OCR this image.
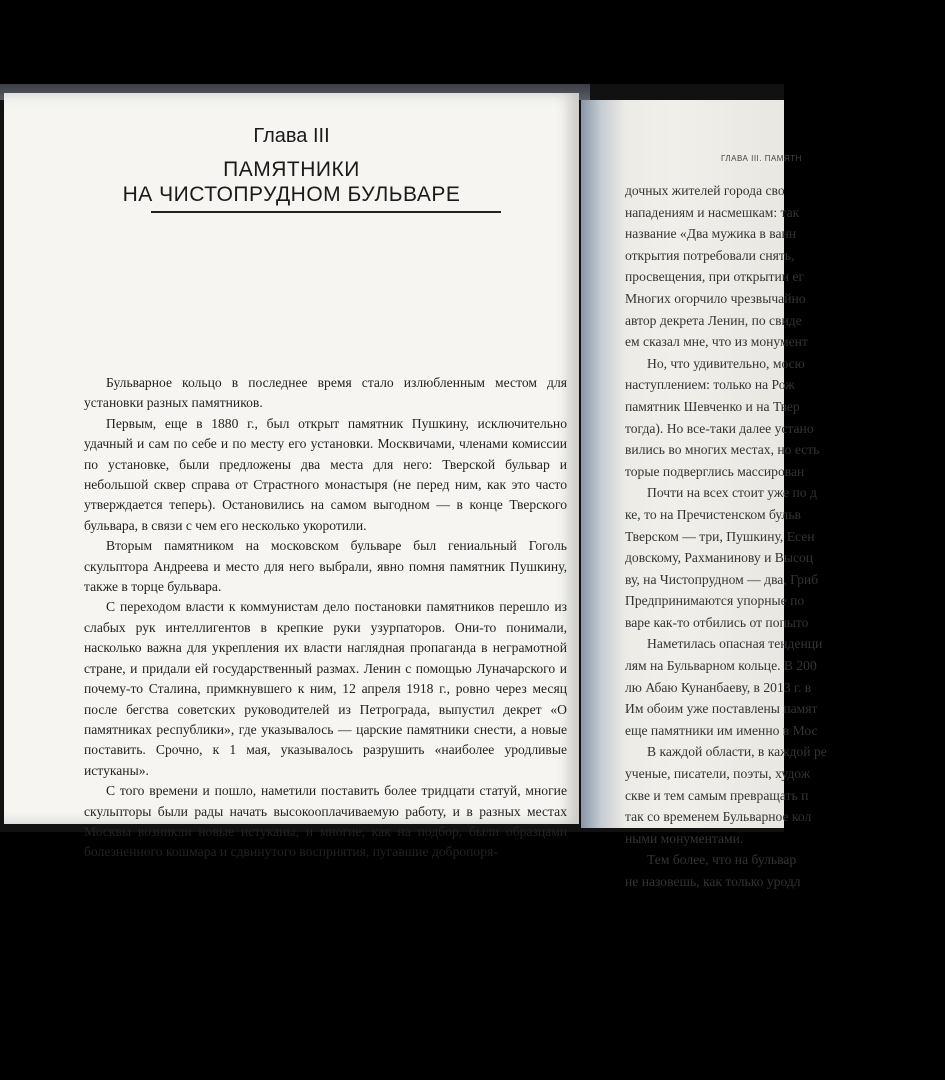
Глава III
ПАМЯТНИКИ
НА ЧИСТОПРУДНОМ БУЛЬВАРЕ

Бульварное кольцо в последнее время стало излюбленным местом для установки разных памятников.

Первым, еще в 1880 г., был открыт памятник Пушкину, исключительно удачный и сам по себе и по месту его установки. Москвичами, членами комиссии по установке, были предложены два места для него: Тверской бульвар и небольшой сквер справа от Страстного монастыря (не перед ним, как это часто утверждается теперь). Остановились на самом выгодном — в конце Тверского бульвара, в связи с чем его несколько укоротили.

Вторым памятником на московском бульваре был гениальный Гоголь скульптора Андреева и место для него выбрали, явно помня памятник Пушкину, также в торце бульвара.

С переходом власти к коммунистам дело постановки памятников перешло из слабых рук интеллигентов в крепкие руки узурпаторов. Они-то понимали, насколько важна для укрепления их власти наглядная пропаганда в неграмотной стране, и придали ей государственный размах. Ленин с помощью Луначарского и почему-то Сталина, примкнувшего к ним, 12 апреля 1918 г., ровно через месяц после бегства советских руководителей из Петрограда, выпустил декрет «О памятниках республики», где указывалось — царские памятники снести, а новые поставить. Срочно, к 1 мая, указывалось разрушить «наиболее уродливые истуканы».

С того времени и пошло, наметили поставить более тридцати статуй, многие скульпторы были рады начать высокооплачиваемую работу, и в разных местах Москвы возникли новые истуканы, и многие, как на подбор, были образцами болезненного кошмара и сдвинутого восприятия, пугавшие добропоря-

ГЛАВА III. ПАМЯТН
дочных жителей города сво
нападениям и насмешкам: так
название «Два мужика в ванн
открытия потребовали снять,
просвещения, при открытии ег
Многих огорчило чрезвычайно
автор декрета Ленин, по свиде
ем сказал мне, что из монумент
Но, что удивительно, мосю
наступлением: только на Рож
памятник Шевченко и на Твер
тогда). Но все-таки далее устано
вились во многих местах, но есть
торые подверглись массирован
Почти на всех стоит уже по д
ке, то на Пречистенском бульв
Тверском — три, Пушкину, Есен
довскому, Рахманинову и Высоц
ву, на Чистопрудном — два, Гриб
Предпринимаются упорные по
варе как-то отбились от попыто
Наметилась опасная тенденци
лям на Бульварном кольце. В 200
лю Абаю Кунанбаеву, в 2013 г. в
Им обоим уже поставлены памят
еще памятники им именно в Мос
В каждой области, в каждой ре
ученые, писатели, поэты, худож
скве и тем самым превращать п
так со временем Бульварное кол
ными монументами.
Тем более, что на бульвар
не назовешь, как только уродл
